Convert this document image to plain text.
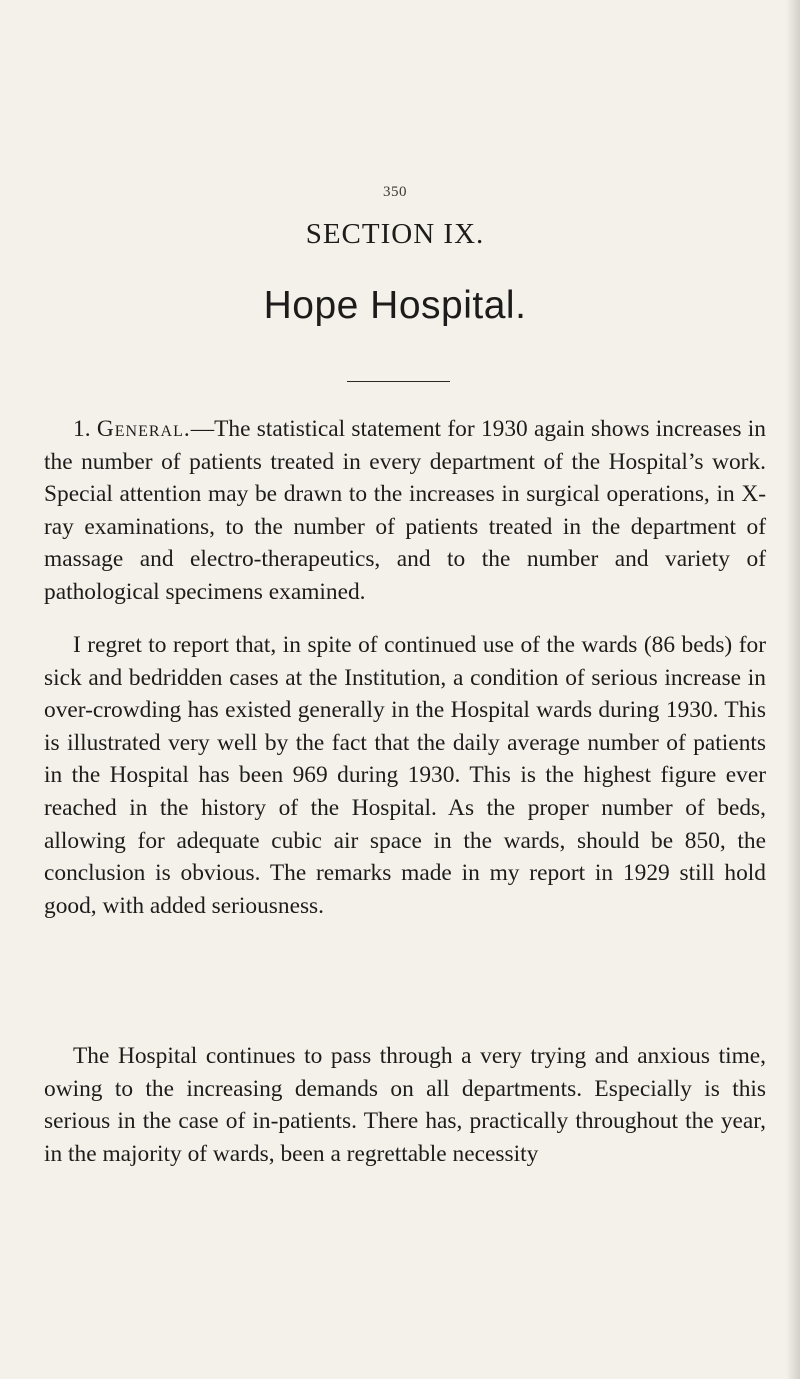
350
SECTION IX.
Hope Hospital.

1. General.—The statistical statement for 1930 again shows increases in the number of patients treated in every department of the Hospital’s work. Special attention may be drawn to the increases in surgical operations, in X-ray examinations, to the number of patients treated in the department of massage and electro-therapeutics, and to the number and variety of pathological specimens examined.

I regret to report that, in spite of continued use of the wards (86 beds) for sick and bedridden cases at the Institution, a condition of serious increase in over-crowding has existed generally in the Hospital wards during 1930. This is illustrated very well by the fact that the daily average number of patients in the Hospital has been 969 during 1930. This is the highest figure ever reached in the history of the Hospital. As the proper number of beds, allowing for adequate cubic air space in the wards, should be 850, the conclusion is obvious. The remarks made in my report in 1929 still hold good, with added seriousness.

The Hospital continues to pass through a very trying and anxious time, owing to the increasing demands on all departments. Especially is this serious in the case of in-patients. There has, practically throughout the year, in the majority of wards, been a regrettable necessity
